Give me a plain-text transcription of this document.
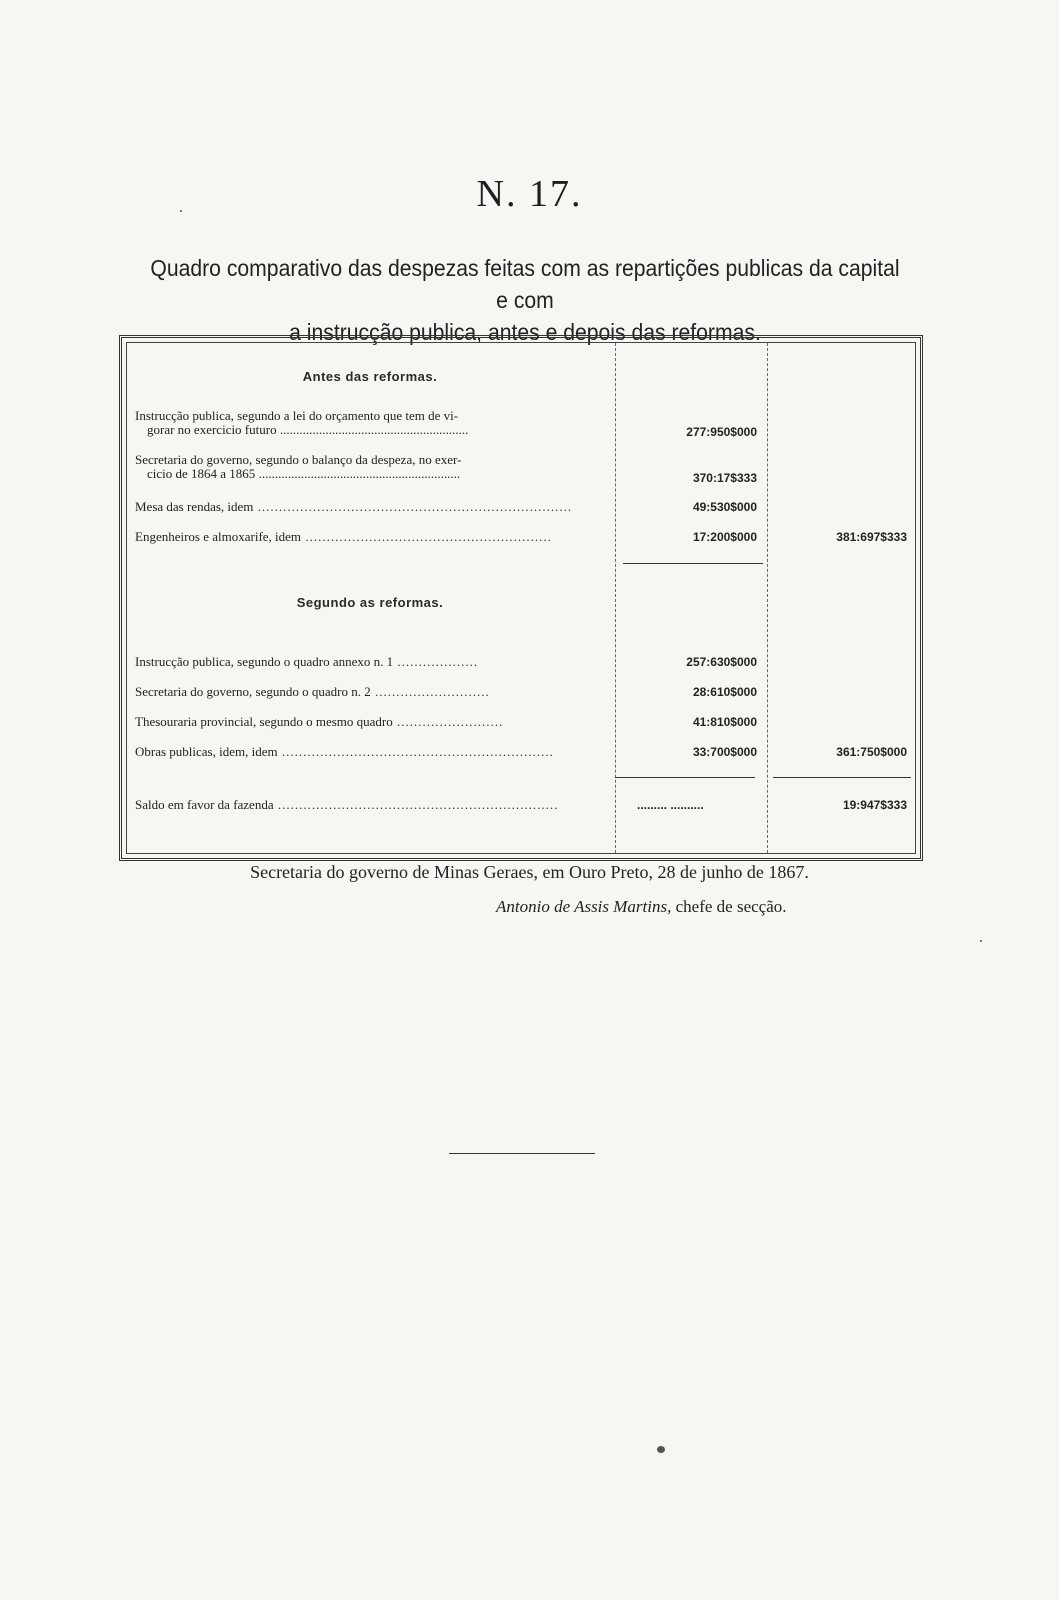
N. 17.
Quadro comparativo das despezas feitas com as repartições publicas da capital e com
a instrucção publica, antes e depois das reformas.
Antes das reformas.
Instrucção publica, segundo a lei do orçamento que tem de vi-
gorar no exercicio futuro ..........................................................	277:950$000
Secretaria do governo, segundo o balanço da despeza, no exer-
cicio de 1864 a 1865 ..............................................................	370:17$333
Mesa das rendas, idem ..........................................................................	49:530$000
Engenheiros e almoxarife, idem ..........................................................	17:200$000	381:697$333
Segundo as reformas.
Instrucção publica, segundo o quadro annexo n. 1 ...................	257:630$000
Secretaria do governo, segundo o quadro n. 2 ...........................	28:610$000
Thesouraria provincial, segundo o mesmo quadro .........................	41:810$000
Obras publicas, idem, idem ................................................................	33:700$000	361:750$000
Saldo em favor da fazenda ..................................................................	......... ..........	19:947$333
Secretaria do governo de Minas Geraes, em Ouro Preto, 28 de junho de 1867.
Antonio de Assis Martins, chefe de secção.
